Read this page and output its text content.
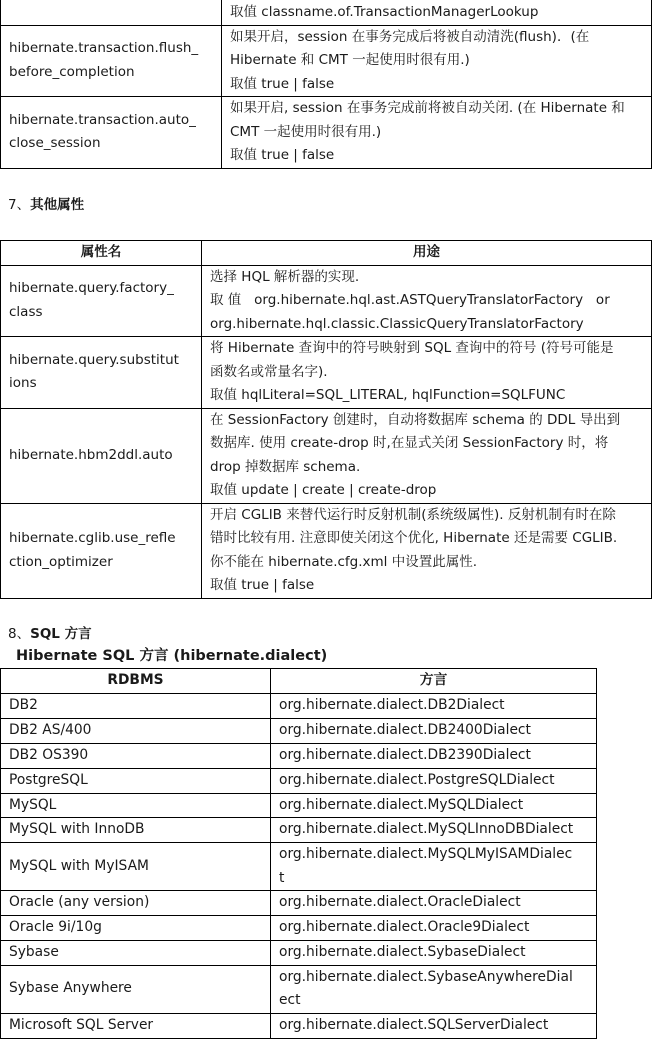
	取值 classname.of.TransactionManagerLookup

hibernate.transaction.flush_
before_completion	如果开启，session 在事务完成后将被自动清洗(flush)．(在
Hibernate 和 CMT 一起使用时很有用.)
取值 true | false

hibernate.transaction.auto_
close_session	如果开启, session 在事务完成前将被自动关闭. (在 Hibernate 和
CMT 一起使用时很有用.)
取值 true | false
7、其他属性
属性名	用途

hibernate.query.factory_
class	选择 HQL 解析器的实现.
取 值   org.hibernate.hql.ast.ASTQueryTranslatorFactory   or
org.hibernate.hql.classic.ClassicQueryTranslatorFactory

hibernate.query.substitut
ions	将 Hibernate 查询中的符号映射到 SQL 查询中的符号 (符号可能是
函数名或常量名字).
取值 hqlLiteral=SQL_LITERAL, hqlFunction=SQLFUNC

hibernate.hbm2ddl.auto	在 SessionFactory 创建时，自动将数据库 schema 的 DDL 导出到
数据库. 使用 create-drop 时,在显式关闭 SessionFactory 时，将
drop 掉数据库 schema.
取值 update | create | create-drop

hibernate.cglib.use_refle
ction_optimizer	开启 CGLIB 来替代运行时反射机制(系统级属性). 反射机制有时在除
错时比较有用. 注意即使关闭这个优化, Hibernate 还是需要 CGLIB.
你不能在 hibernate.cfg.xml 中设置此属性.
取值 true | false
8、SQL 方言
Hibernate SQL 方言 (hibernate.dialect)
RDBMS	方言
DB2	org.hibernate.dialect.DB2Dialect
DB2 AS/400	org.hibernate.dialect.DB2400Dialect
DB2 OS390	org.hibernate.dialect.DB2390Dialect
PostgreSQL	org.hibernate.dialect.PostgreSQLDialect
MySQL	org.hibernate.dialect.MySQLDialect
MySQL with InnoDB	org.hibernate.dialect.MySQLInnoDBDialect
MySQL with MyISAM	org.hibernate.dialect.MySQLMyISAMDialec
t

Oracle (any version)	org.hibernate.dialect.OracleDialect
Oracle 9i/10g	org.hibernate.dialect.Oracle9Dialect
Sybase	org.hibernate.dialect.SybaseDialect
Sybase Anywhere	org.hibernate.dialect.SybaseAnywhereDial
ect

Microsoft SQL Server	org.hibernate.dialect.SQLServerDialect
